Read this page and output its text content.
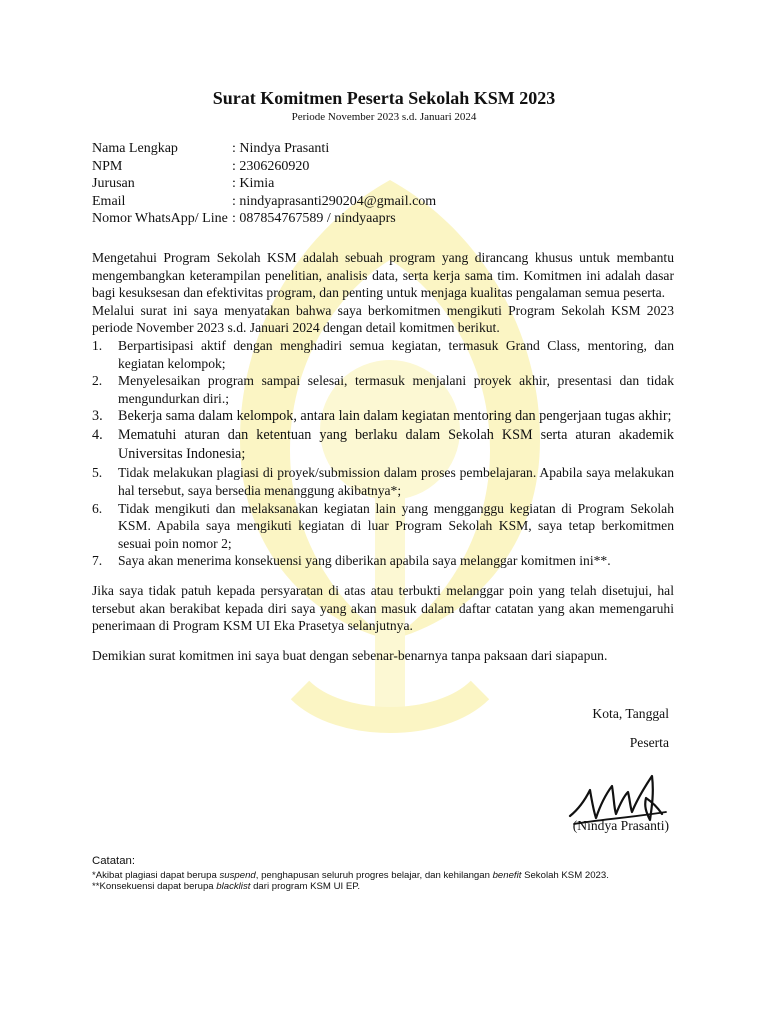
Surat Komitmen Peserta Sekolah KSM 2023
Periode November 2023 s.d. Januari 2024
Nama Lengkap	: Nindya Prasanti
NPM	: 2306260920
Jurusan	: Kimia
Email	: nindyaprasanti290204@gmail.com
Nomor WhatsApp/ Line : 087854767589 / nindyaaprs

Mengetahui Program Sekolah KSM adalah sebuah program yang dirancang khusus untuk membantu mengembangkan keterampilan penelitian, analisis data, serta kerja sama tim. Komitmen ini adalah dasar bagi kesuksesan dan efektivitas program, dan penting untuk menjaga kualitas pengalaman semua peserta.

Melalui surat ini saya menyatakan bahwa saya berkomitmen mengikuti Program Sekolah KSM 2023 periode November 2023 s.d. Januari 2024 dengan detail komitmen berikut.

1.	Berpartisipasi aktif dengan menghadiri semua kegiatan, termasuk Grand Class, mentoring, dan kegiatan kelompok;
2.	Menyelesaikan program sampai selesai, termasuk menjalani proyek akhir, presentasi dan tidak mengundurkan diri.;
3.	Bekerja sama dalam kelompok, antara lain dalam kegiatan mentoring dan pengerjaan tugas akhir;
4.	Mematuhi aturan dan ketentuan yang berlaku dalam Sekolah KSM serta aturan akademik Universitas Indonesia;
5.	Tidak melakukan plagiasi di proyek/submission dalam proses pembelajaran. Apabila saya melakukan hal tersebut, saya bersedia menanggung akibatnya*;
6.	Tidak mengikuti dan melaksanakan kegiatan lain yang mengganggu kegiatan di Program Sekolah KSM. Apabila saya mengikuti kegiatan di luar Program Sekolah KSM, saya tetap berkomitmen sesuai poin nomor 2;
7.	Saya akan menerima konsekuensi yang diberikan apabila saya melanggar komitmen ini**.

Jika saya tidak patuh kepada persyaratan di atas atau terbukti melanggar poin yang telah disetujui, hal tersebut akan berakibat kepada diri saya yang akan masuk dalam daftar catatan yang akan memengaruhi penerimaan di Program KSM UI Eka Prasetya selanjutnya.

Demikian surat komitmen ini saya buat dengan sebenar-benarnya tanpa paksaan dari siapapun.

Kota, Tanggal
Peserta
(Nindya Prasanti)
Catatan:
*Akibat plagiasi dapat berupa suspend, penghapusan seluruh progres belajar, dan kehilangan benefit Sekolah KSM 2023.
**Konsekuensi dapat berupa blacklist dari program KSM UI EP.
